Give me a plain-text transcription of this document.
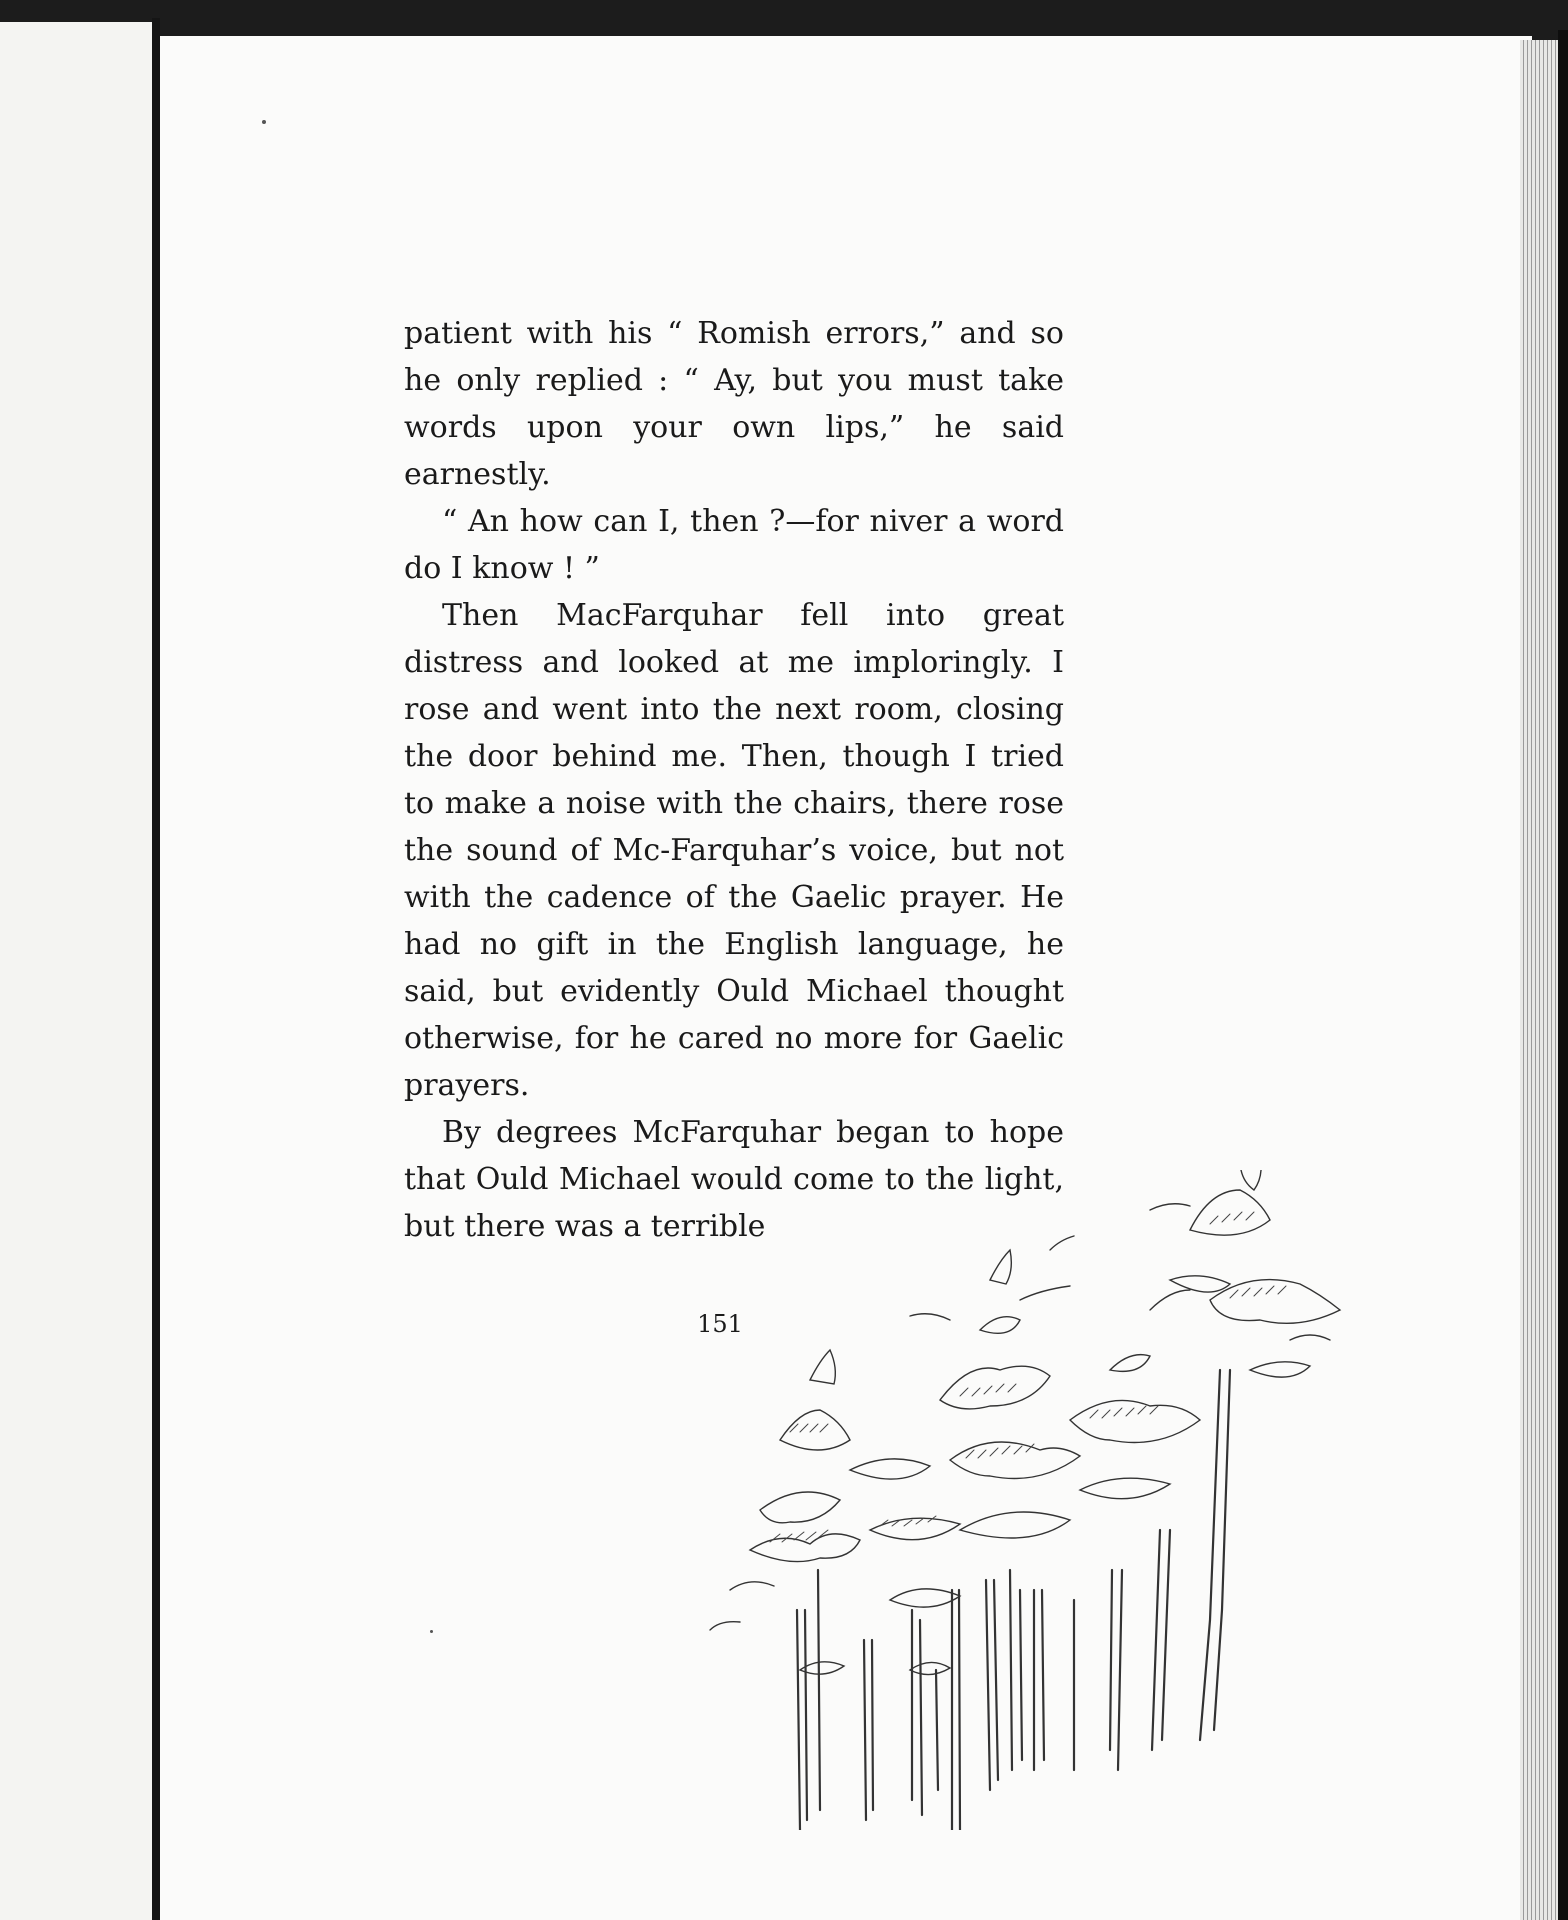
patient with his “ Romish errors,” and so he only replied : “ Ay, but you must take words upon your own lips,” he said earnestly.

“ An how can I, then ?—for niver a word do I know ! ”

Then MacFarquhar fell into great distress and looked at me imploringly. I rose and went into the next room, closing the door behind me. Then, though I tried to make a noise with the chairs, there rose the sound of Mc-Farquhar’s voice, but not with the cadence of the Gaelic prayer. He had no gift in the English language, he said, but evidently Ould Michael thought otherwise, for he cared no more for Gaelic prayers.

By degrees McFarquhar began to hope that Ould Michael would come to the light, but there was a terrible

151
